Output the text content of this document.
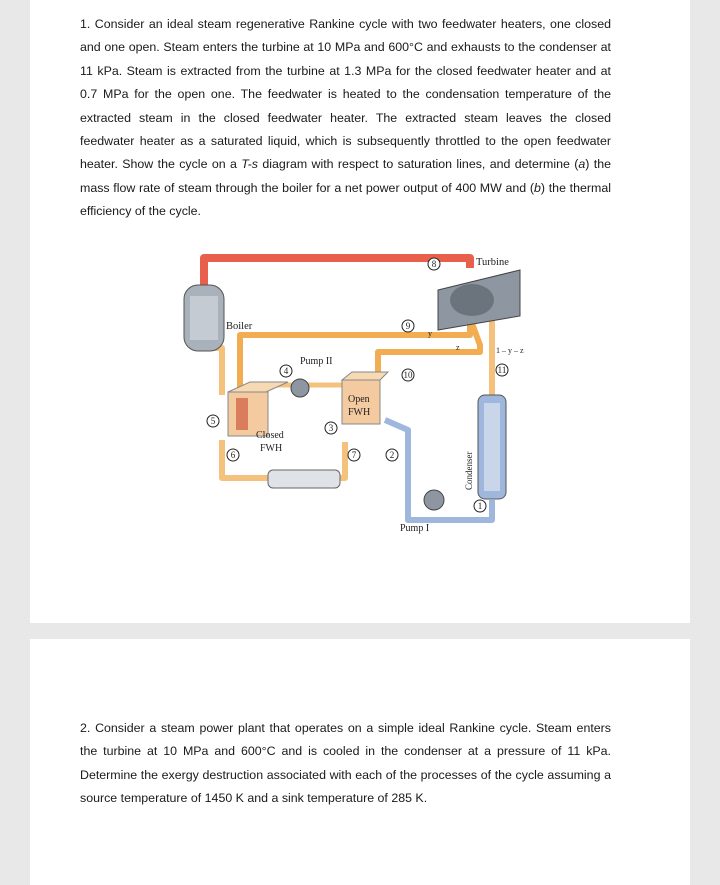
1. Consider an ideal steam regenerative Rankine cycle with two feedwater heaters, one closed and one open. Steam enters the turbine at 10 MPa and 600°C and exhausts to the condenser at 11 kPa. Steam is extracted from the turbine at 1.3 MPa for the closed feedwater heater and at 0.7 MPa for the open one. The feedwater is heated to the condensation temperature of the extracted steam in the closed feedwater heater. The extracted steam leaves the closed feedwater heater as a saturated liquid, which is subsequently throttled to the open feedwater heater. Show the cycle on a T-s diagram with respect to saturation lines, and determine (a) the mass flow rate of steam through the boiler for a net power output of 400 MW and (b) the thermal efficiency of the cycle.

Boiler
Turbine
y
z	1 – y – z
Closed
FWH
Open
FWH
Pump II
Pump I
Condenser
1
2
3
4
5
6	7
8
9
10	11

2. Consider a steam power plant that operates on a simple ideal Rankine cycle. Steam enters the turbine at 10 MPa and 600°C and is cooled in the condenser at a pressure of 11 kPa. Determine the exergy destruction associated with each of the processes of the cycle assuming a source temperature of 1450 K and a sink temperature of 285 K.
